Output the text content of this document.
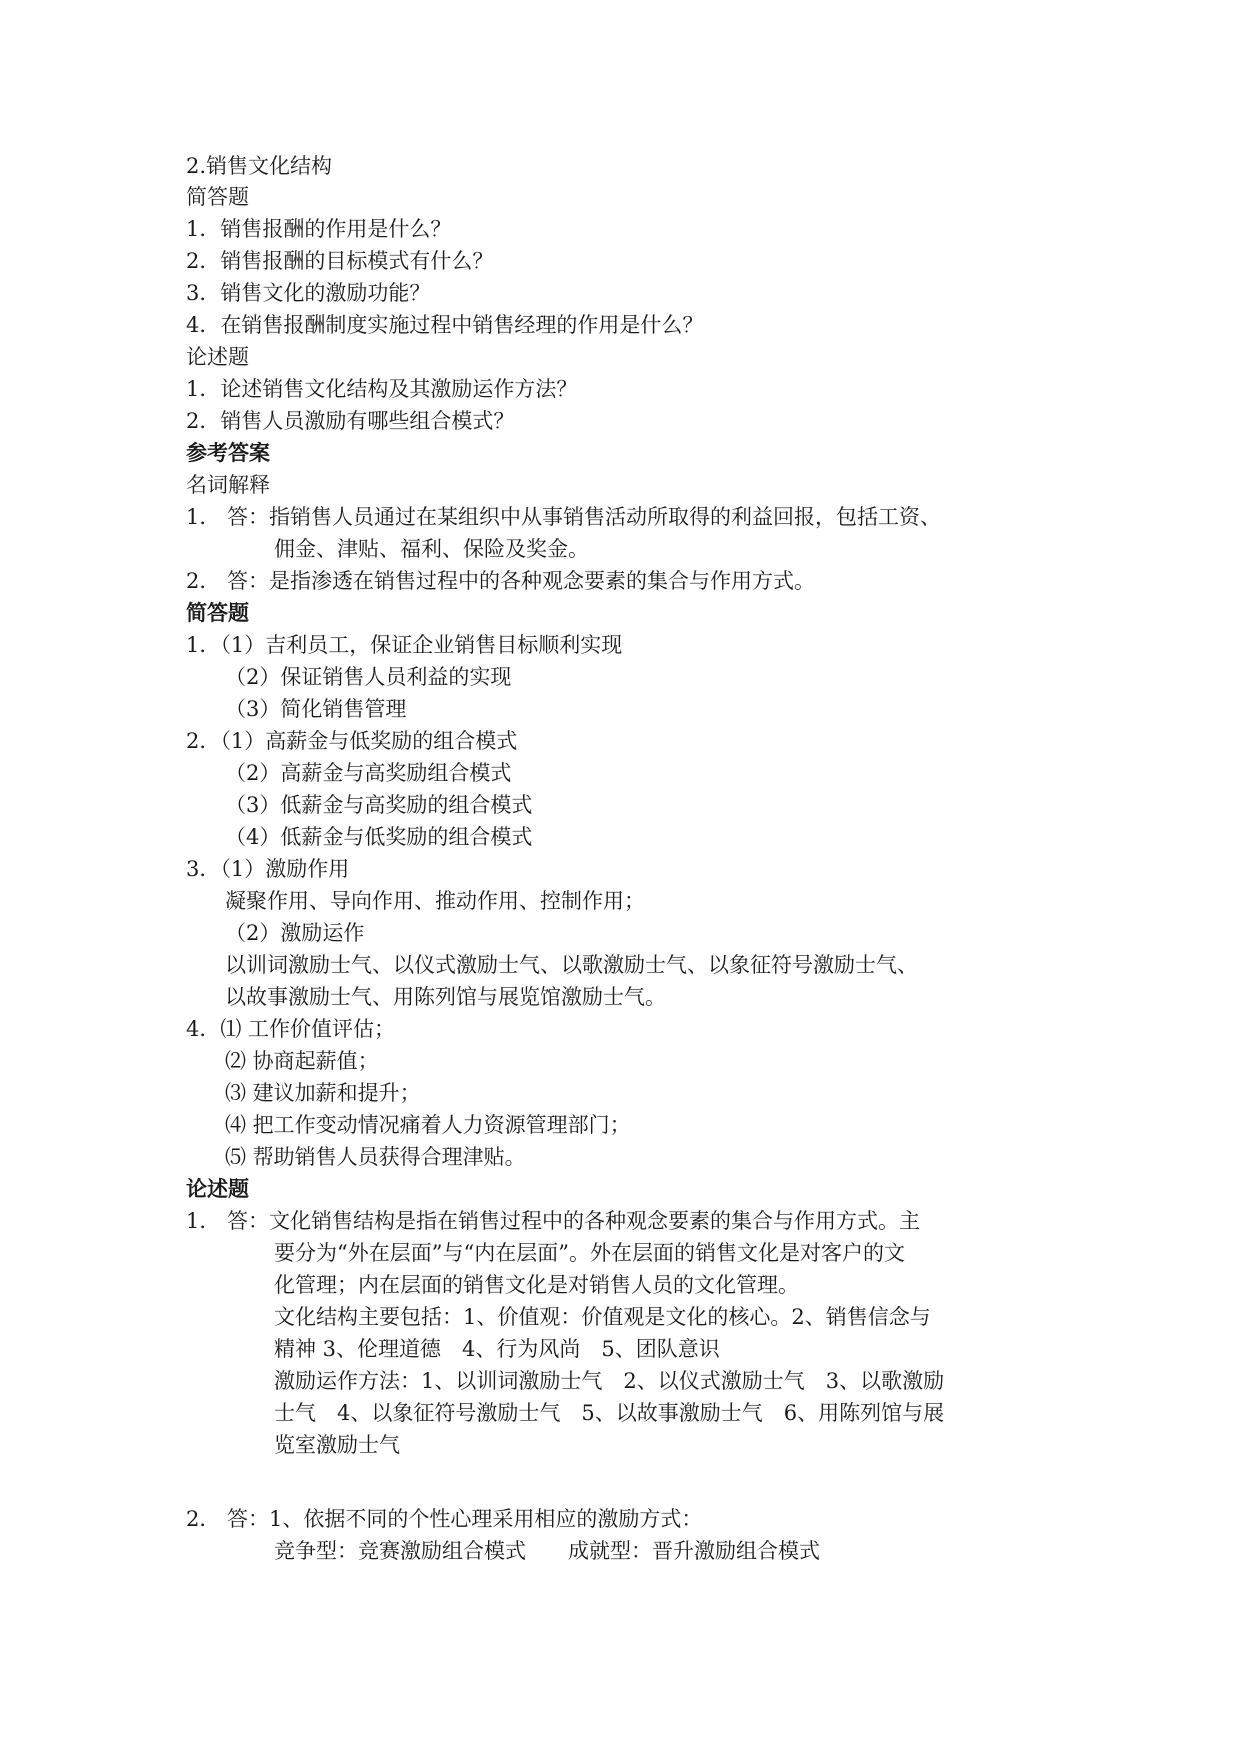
2.销售文化结构
简答题
1．销售报酬的作用是什么？
2．销售报酬的目标模式有什么？
3．销售文化的激励功能？
4．在销售报酬制度实施过程中销售经理的作用是什么？
论述题
1．论述销售文化结构及其激励运作方法？
2．销售人员激励有哪些组合模式？
参考答案
名词解释
1． 答：指销售人员通过在某组织中从事销售活动所取得的利益回报，包括工资、
佣金、津贴、福利、保险及奖金。
2． 答：是指渗透在销售过程中的各种观念要素的集合与作用方式。
简答题
1．（1）吉利员工，保证企业销售目标顺利实现
（2）保证销售人员利益的实现
（3）简化销售管理
2．（1）高薪金与低奖励的组合模式
（2）高薪金与高奖励组合模式
（3）低薪金与高奖励的组合模式
（4）低薪金与低奖励的组合模式
3．（1）激励作用
凝聚作用、导向作用、推动作用、控制作用；
（2）激励运作
以训词激励士气、以仪式激励士气、以歌激励士气、以象征符号激励士气、
以故事激励士气、用陈列馆与展览馆激励士气。
4．⑴ 工作价值评估；
⑵ 协商起薪值；
⑶ 建议加薪和提升；
⑷ 把工作变动情况痛着人力资源管理部门；
⑸ 帮助销售人员获得合理津贴。
论述题
1． 答：文化销售结构是指在销售过程中的各种观念要素的集合与作用方式。主
要分为“外在层面”与“内在层面”。外在层面的销售文化是对客户的文
化管理；内在层面的销售文化是对销售人员的文化管理。
文化结构主要包括：1、价值观：价值观是文化的核心。2、销售信念与
精神 3、伦理道德　4、行为风尚　5、团队意识
激励运作方法：1、以训词激励士气　2、以仪式激励士气　3、以歌激励
士气　4、以象征符号激励士气　5、以故事激励士气　6、用陈列馆与展
览室激励士气
2． 答：1、依据不同的个性心理采用相应的激励方式：
竞争型：竞赛激励组合模式　　成就型：晋升激励组合模式
